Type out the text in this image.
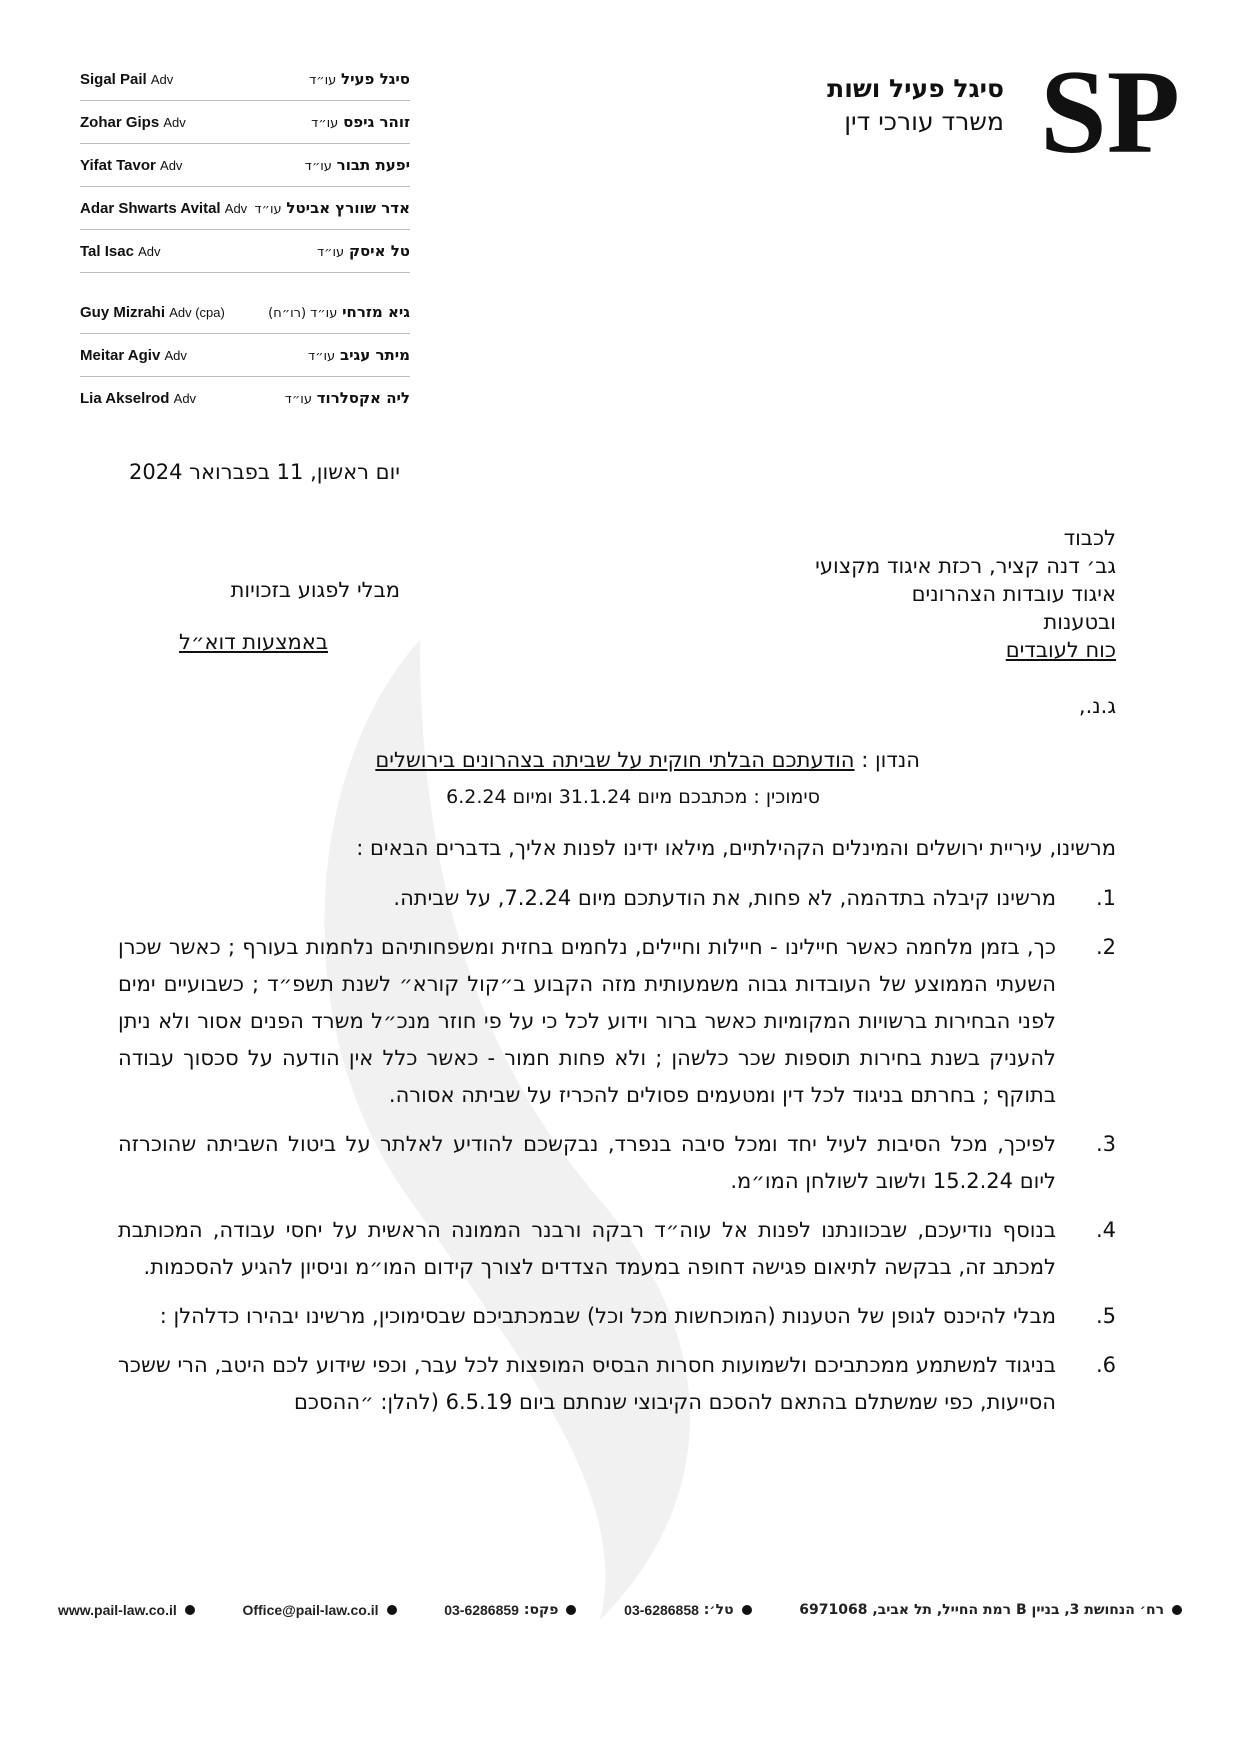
Sigal Pail Adv	סיגל פעיל עו״ד
Zohar Gips Adv	זוהר גיפס עו״ד
Yifat Tavor Adv	יפעת תבור עו״ד
Adar Shwarts Avital Adv	אדר שוורץ אביטל עו״ד
Tal Isac Adv	טל איסק עו״ד
Guy Mizrahi Adv (cpa)	גיא מזרחי עו״ד (רו״ח)
Meitar Agiv Adv	מיתר עגיב עו״ד
Lia Akselrod Adv	ליה אקסלרוד עו״ד
סיגל פעיל ושות
משרד עורכי דין SP
יום ראשון, 11 בפברואר 2024
לכבוד
גב׳ דנה קציר, רכזת איגוד מקצועי
איגוד עובדות הצהרונים
ובטענות
כוח לעובדים
מבלי לפגוע בזכויות
באמצעות דוא״ל
ג.נ.,
הנדון : הודעתכם הבלתי חוקית על שביתה בצהרונים בירושלים
סימוכין : מכתבכם מיום 31.1.24 ומיום 6.2.24
מרשינו, עיריית ירושלים והמינלים הקהילתיים, מילאו ידינו לפנות אליך, בדברים הבאים :
1.
מרשינו קיבלה בתדהמה, לא פחות, את הודעתכם מיום 7.2.24, על שביתה.
2.
כך, בזמן מלחמה כאשר חיילינו - חיילות וחיילים, נלחמים בחזית ומשפחותיהם נלחמות בעורף ; כאשר שכרן השעתי הממוצע של העובדות גבוה משמעותית מזה הקבוע ב״קול קורא״ לשנת תשפ״ד ; כשבועיים ימים לפני הבחירות ברשויות המקומיות כאשר ברור וידוע לכל כי על פי חוזר מנכ״ל משרד הפנים אסור ולא ניתן להעניק בשנת בחירות תוספות שכר כלשהן ; ולא פחות חמור - כאשר כלל אין הודעה על סכסוך עבודה בתוקף ; בחרתם בניגוד לכל דין ומטעמים פסולים להכריז על שביתה אסורה.
3.
לפיכך, מכל הסיבות לעיל יחד ומכל סיבה בנפרד, נבקשכם להודיע לאלתר על ביטול השביתה שהוכרזה ליום 15.2.24 ולשוב לשולחן המו״מ.
4.
בנוסף נודיעכם, שבכוונתנו לפנות אל עוה״ד רבקה ורבנר הממונה הראשית על יחסי עבודה, המכותבת למכתב זה, בבקשה לתיאום פגישה דחופה במעמד הצדדים לצורך קידום המו״מ וניסיון להגיע להסכמות.
5.
מבלי להיכנס לגופן של הטענות (המוכחשות מכל וכל) שבמכתביכם שבסימוכין, מרשינו יבהירו כדלהלן :
6.
בניגוד למשתמע ממכתביכם ולשמועות חסרות הבסיס המופצות לכל עבר, וכפי שידוע לכם היטב, הרי ששכר הסייעות, כפי שמשתלם בהתאם להסכם הקיבוצי שנחתם ביום 6.5.19 (להלן: ״ההסכם
רח׳ הנחושת 3, בניין B רמת החייל, תל אביב, 6971068
טל׳:

03-6286858
פקס:

03-6286859
Office@pail-law.co.il
www.pail-law.co.il
